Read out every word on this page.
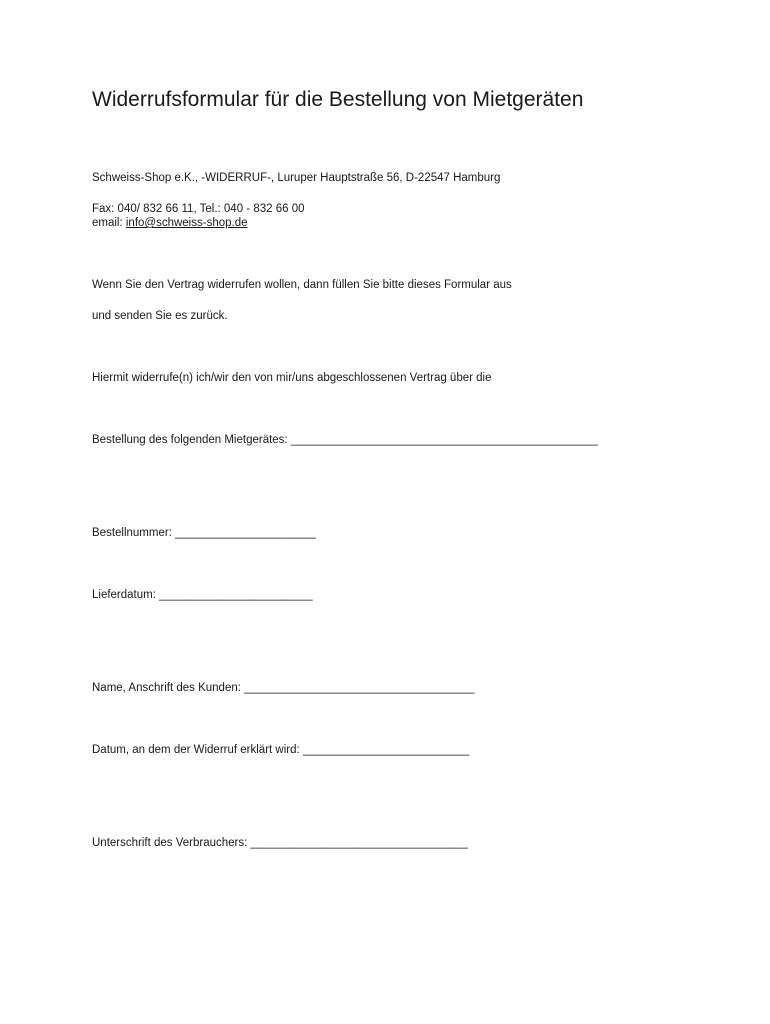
Widerrufsformular für die Bestellung von Mietgeräten

Schweiss-Shop e.K., -WIDERRUF-, Luruper Hauptstraße 56, D-22547 Hamburg

Fax: 040/ 832 66 11, Tel.: 040 - 832 66 00

email: info@schweiss-shop.de

Wenn Sie den Vertrag widerrufen wollen, dann füllen Sie bitte dieses Formular aus

und senden Sie es zurück.

Hiermit widerrufe(n) ich/wir den von mir/uns abgeschlossenen Vertrag über die

Bestellung des folgenden Mietgerätes: ________________________________________________

Bestellnummer: ______________________

Lieferdatum: ________________________

Name, Anschrift des Kunden: ____________________________________

Datum, an dem der Widerruf erklärt wird: __________________________

Unterschrift des Verbrauchers: __________________________________
